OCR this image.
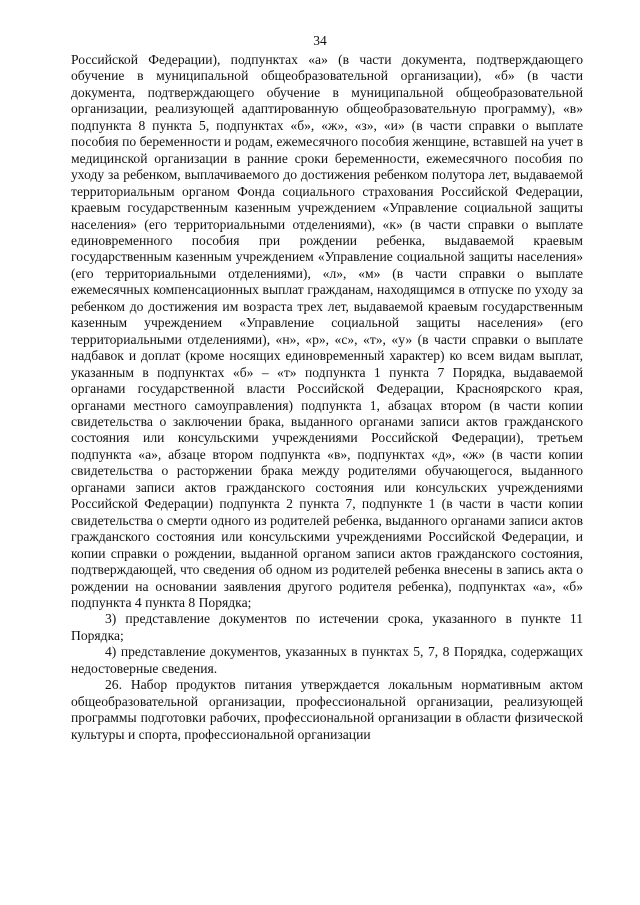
34

Российской Федерации), подпунктах «а» (в части документа, подтверждающего обучение в муниципальной общеобразовательной организации), «б» (в части документа, подтверждающего обучение в муниципальной общеобразовательной организации, реализующей адаптированную общеобразовательную программу), «в» подпункта 8 пункта 5, подпунктах «б», «ж», «з», «и» (в части справки о выплате пособия по беременности и родам, ежемесячного пособия женщине, вставшей на учет в медицинской организации в ранние сроки беременности, ежемесячного пособия по уходу за ребенком, выплачиваемого до достижения ребенком полутора лет, выдаваемой территориальным органом Фонда социального страхования Российской Федерации, краевым государственным казенным учреждением «Управление социальной защиты населения» (его территориальными отделениями), «к» (в части справки о выплате единовременного пособия при рождении ребенка, выдаваемой краевым государственным казенным учреждением «Управление социальной защиты населения» (его территориальными отделениями), «л», «м» (в части справки о выплате ежемесячных компенсационных выплат гражданам, находящимся в отпуске по уходу за ребенком до достижения им возраста трех лет, выдаваемой краевым государственным казенным учреждением «Управление социальной защиты населения» (его территориальными отделениями), «н», «р», «с», «т», «у» (в части справки о выплате надбавок и доплат (кроме носящих единовременный характер) ко всем видам выплат, указанным в подпунктах «б» – «т» подпункта 1 пункта 7 Порядка, выдаваемой органами государственной власти Российской Федерации, Красноярского края, органами местного самоуправления) подпункта 1, абзацах втором (в части копии свидетельства о заключении брака, выданного органами записи актов гражданского состояния или консульскими учреждениями Российской Федерации), третьем подпункта «а», абзаце втором подпункта «в», подпунктах «д», «ж» (в части копии свидетельства о расторжении брака между родителями обучающегося, выданного органами записи актов гражданского состояния или консульских учреждениями Российской Федерации) подпункта 2 пункта 7, подпункте 1 (в части в части копии свидетельства о смерти одного из родителей ребенка, выданного органами записи актов гражданского состояния или консульскими учреждениями Российской Федерации, и копии справки о рождении, выданной органом записи актов гражданского состояния, подтверждающей, что сведения об одном из родителей ребенка внесены в запись акта о рождении на основании заявления другого родителя ребенка), подпунктах «а», «б» подпункта 4 пункта 8 Порядка;

3) представление документов по истечении срока, указанного в пункте 11 Порядка;

4) представление документов, указанных в пунктах 5, 7, 8 Порядка, содержащих недостоверные сведения.

26. Набор продуктов питания утверждается локальным нормативным актом общеобразовательной организации, профессиональной организации, реализующей программы подготовки рабочих, профессиональной организации в области физической культуры и спорта, профессиональной организации
